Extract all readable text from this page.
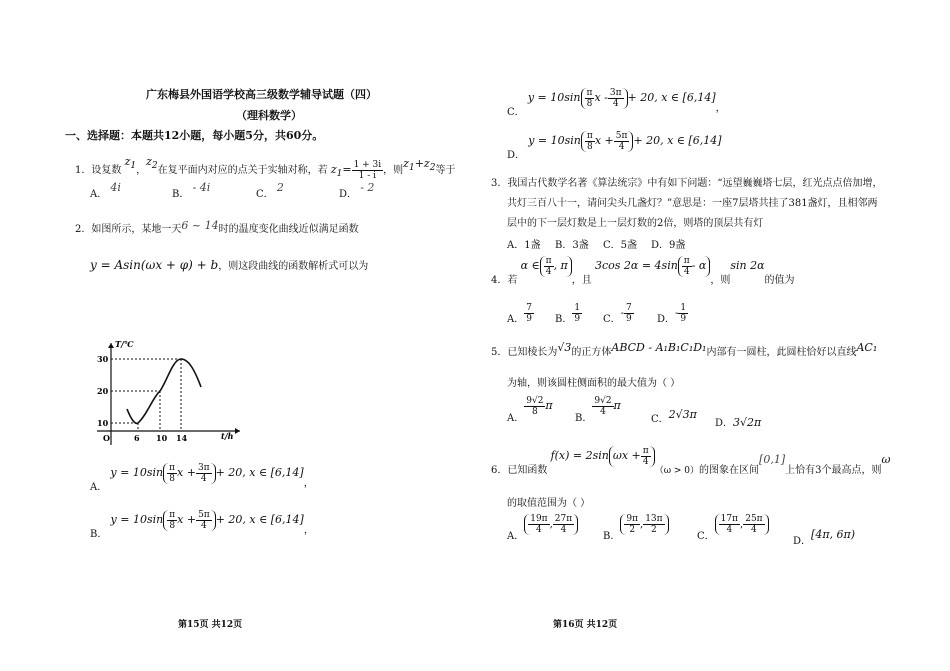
广东梅县外国语学校高三级数学辅导试题（四）
（理科数学）
一、选择题：本题共12小题，每小题5分，共60分。
1．设复数 $z_1$，$z_2$在复平面内对应的点关于实轴对称，若 $z_1= \frac{1 + 3i}{1 - i}$ ，则$z_1+z_2$等于
A． 4i
B． - 4i
C． 2
D． - 2
2．如图所示，某地一天6 ~ 14时的温度变化曲线近似满足函数
y = Asin(ωx + φ) + b，则这段曲线的函数解析式可以为
T/℃
t/h
30
20
10
O	6 10 14
A． $y = 10\sin \frac{\pi}{8}$ $x + \frac{3\pi}{4} + 20$, x ∈ [6,14]，
B． $y = 10\sin \frac{\pi}{8}$ $x + \frac{5\pi}{4} + 20$, x ∈ [6,14]，
第15页 共12页
C． $y = 10\sin \frac{\pi}{8}$ $x - \frac{3\pi}{4} + 20$, x ∈ [6,14]，
D． $y = 10\sin \frac{\pi}{8}$ $x + \frac{5\pi}{4} + 20$, x ∈ [6,14]
3．我国古代数学名著《算法统宗》中有如下问题：“远望巍巍塔七层，红光点点倍加增，
共灯三百八十一，请问尖头几盏灯？”意思是：一座7层塔共挂了381盏灯，且相邻两
层中的下一层灯数是上一层灯数的2倍，则塔的顶层共有灯
A．1盏 B．3盏 C．5盏 D．9盏
4．若 α ∈ $\frac{\pi}{4}$ , π，且 3cos $2\alpha = 4\sin \frac{\pi}{4} - \alpha$，则sin 2α的值为
A． $\frac{7}{9}$ B． $\frac{1}{9}$ C．- $\frac{7}{9}$ D．- $\frac{1}{9}$
5．已知棱长为√3的正方体ABCD - A₁B₁C₁D₁内部有一圆柱，此圆柱恰好以直线AC₁
为轴，则该圆柱侧面积的最大值为（ ）
A．
$\frac{9√2}{8}$ π
B．
$\frac{9√2}{4}$ π
C．2√3π
D．3√2π
6．已知函数 f(x) = 2sin $\omega x + \frac{\pi}{4}$
（ω > 0）的图象在区间[0,1]上恰有3个最高点，则ω
的取值范围为（ ）
A．
$\frac{19\pi}{4}$ , $\frac{27\pi}{4}$
B．
$\frac{9\pi}{2}$ , $\frac{13\pi}{2}$
C．
$\frac{17\pi}{4}$ , $\frac{25\pi}{4}$
D．[4π, 6π)
第16页 共12页
